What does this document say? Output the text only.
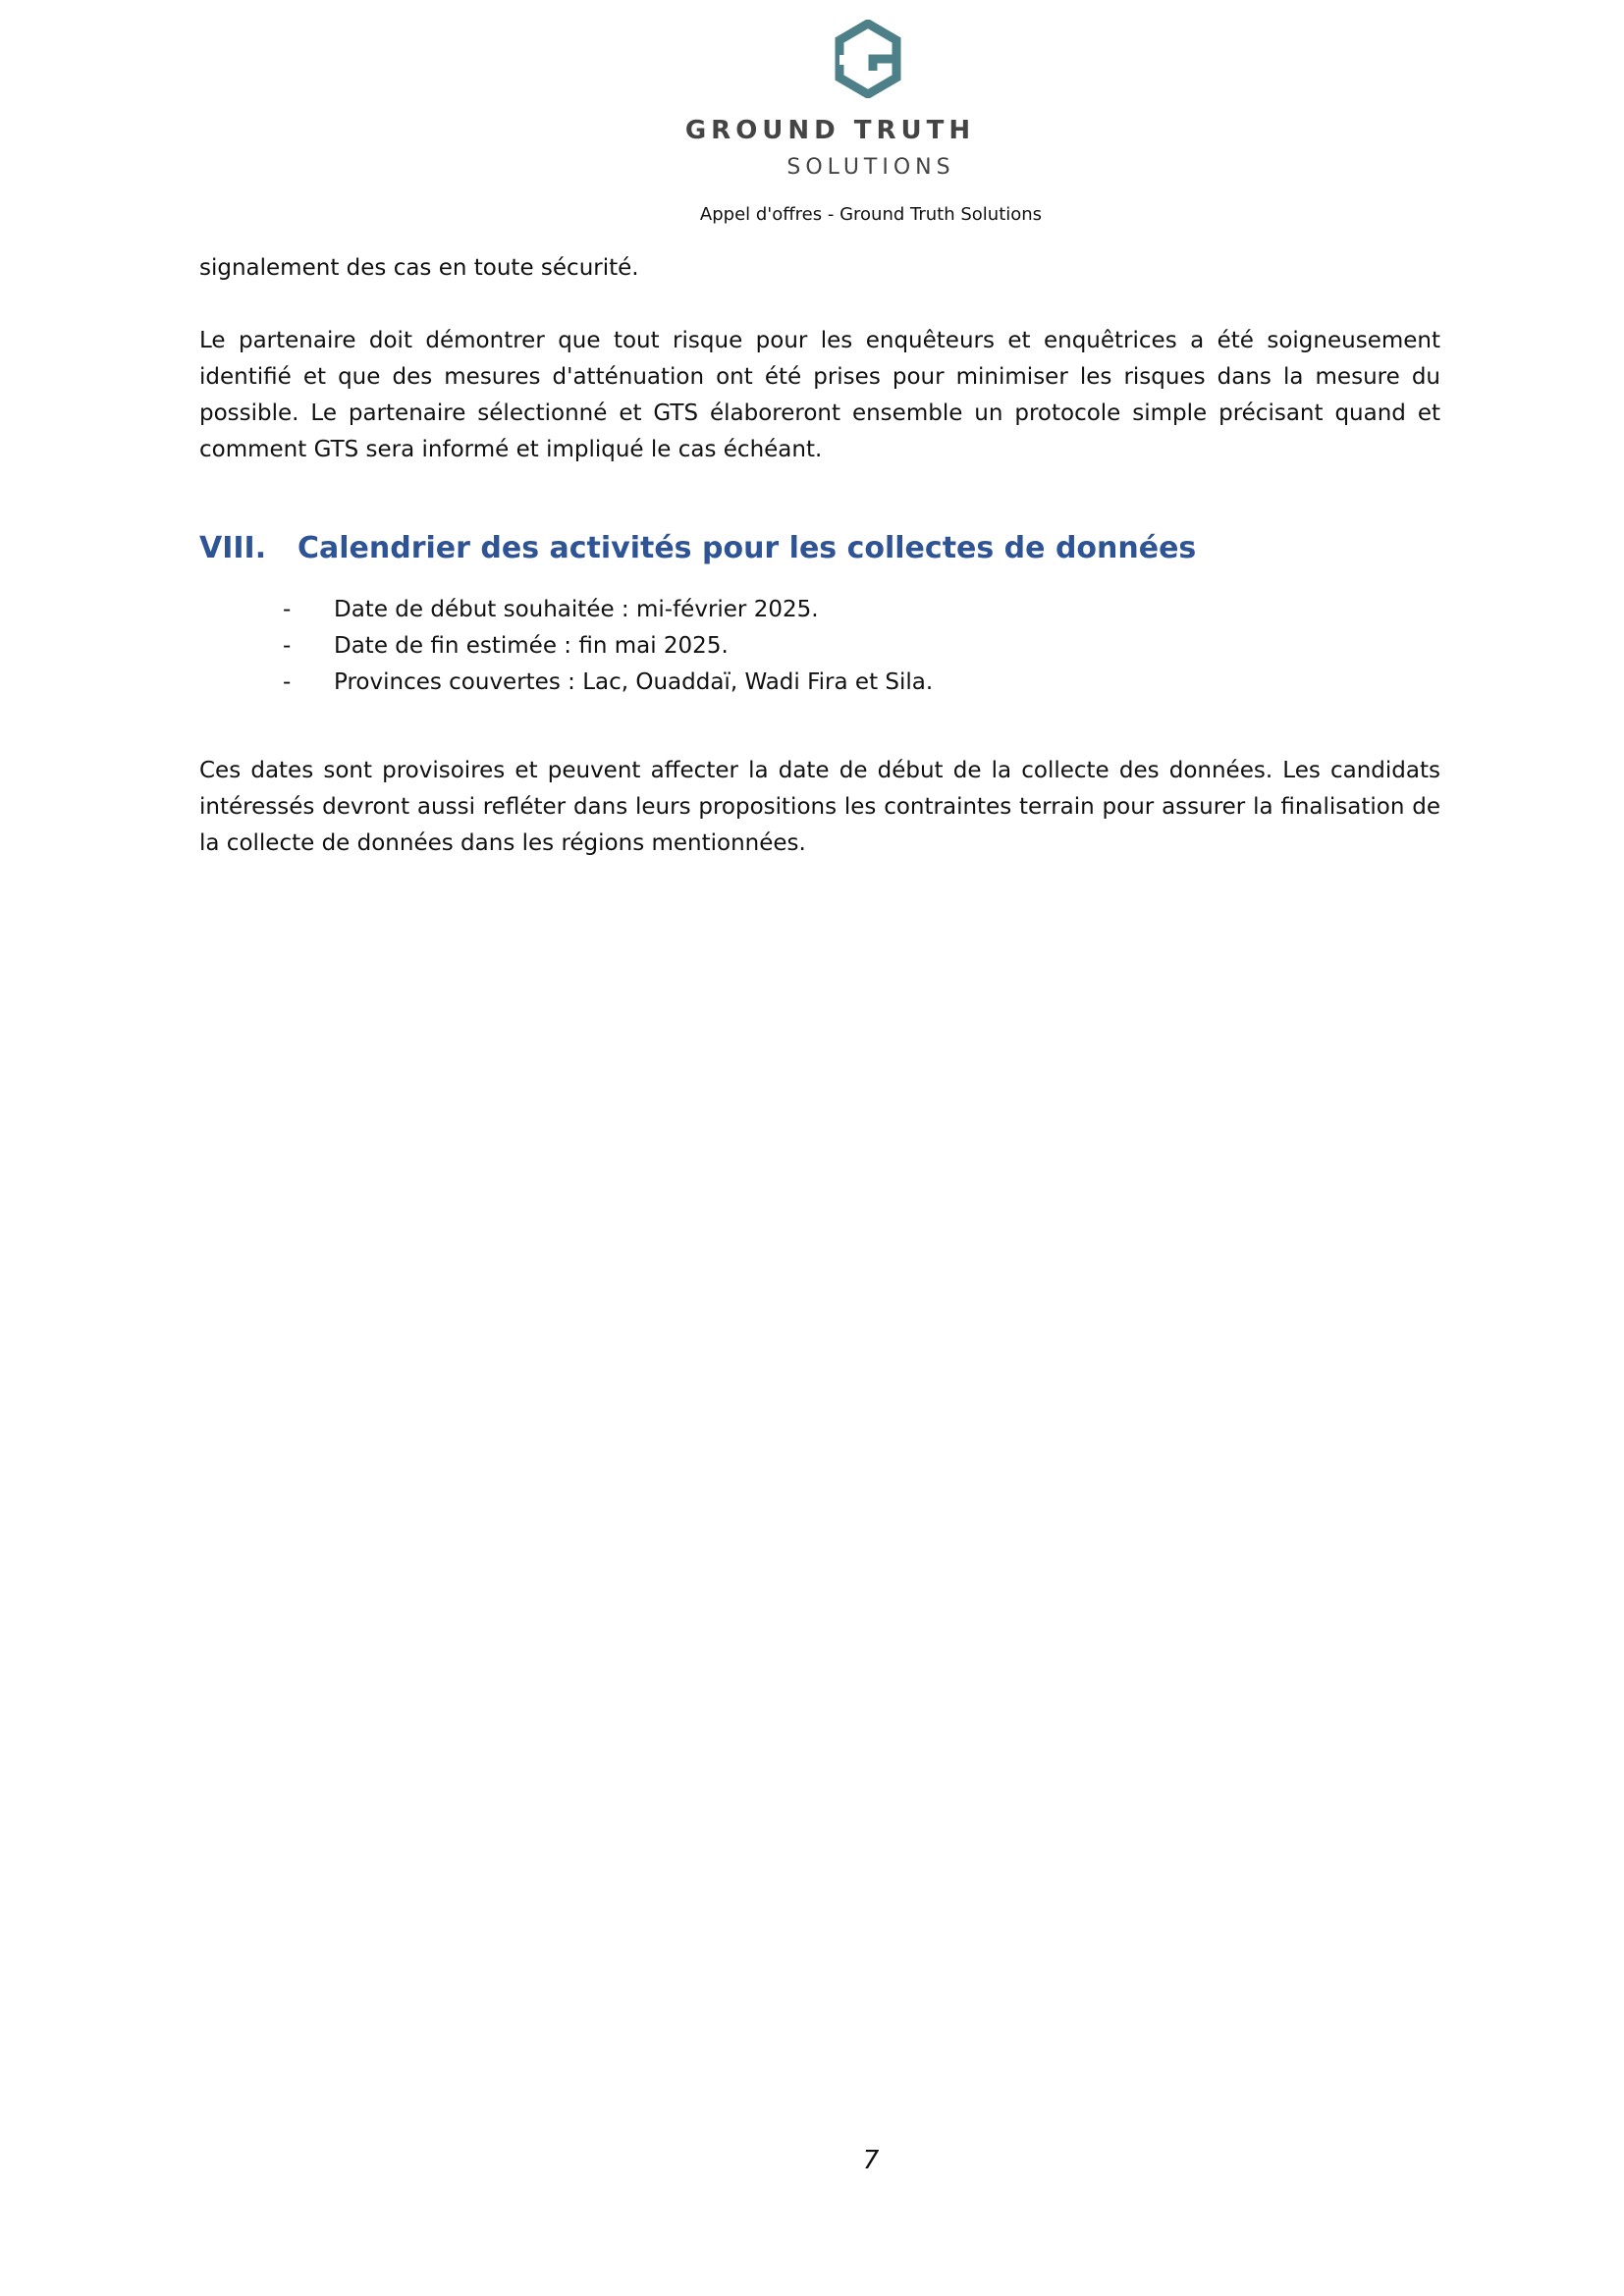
GROUND TRUTH
SOLUTIONS
Appel d'offres - Ground Truth Solutions

signalement des cas en toute sécurité.

Le partenaire doit démontrer que tout risque pour les enquêteurs et enquêtrices a été soigneusement identifié et que des mesures d'atténuation ont été prises pour minimiser les risques dans la mesure du possible. Le partenaire sélectionné et GTS élaboreront ensemble un protocole simple précisant quand et comment GTS sera informé et impliqué le cas échéant.

VIII. Calendrier des activités pour les collectes de données
- Date de début souhaitée : mi-février 2025.
- Date de fin estimée : fin mai 2025.
- Provinces couvertes : Lac, Ouaddaï, Wadi Fira et Sila.

Ces dates sont provisoires et peuvent affecter la date de début de la collecte des données. Les candidats intéressés devront aussi refléter dans leurs propositions les contraintes terrain pour assurer la finalisation de la collecte de données dans les régions mentionnées.

7
